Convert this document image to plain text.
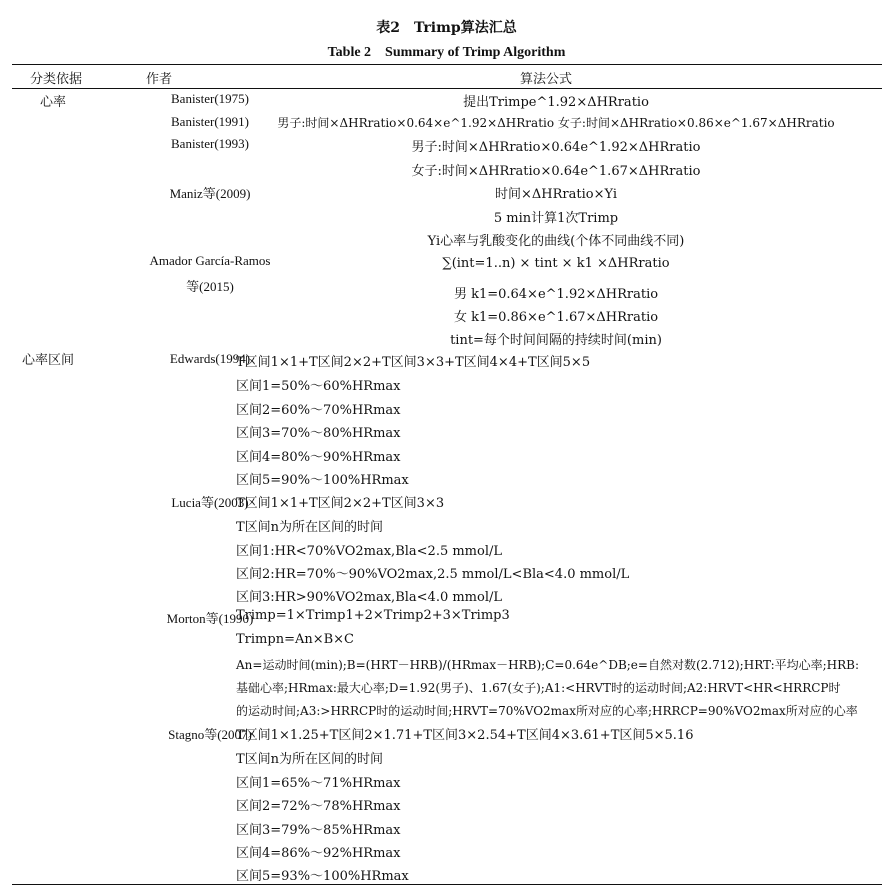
表2　Trimp算法汇总
Table 2　Summary of Trimp Algorithm
分类依据	作者	算法公式
心率
心率区间
Banister(1975)
Banister(1991)
Banister(1993)
Maniz等(2009)
Amador García-Ramos
等(2015)
Edwards(1994)
Lucia等(2003)
Morton等(1990)
Stagno等(2007)
提出Trimpe^1.92×ΔHRratio
男子:时间×ΔHRratio×0.64×e^1.92×ΔHRratio 女子:时间×ΔHRratio×0.86×e^1.67×ΔHRratio
男子:时间×ΔHRratio×0.64e^1.92×ΔHRratio
女子:时间×ΔHRratio×0.64e^1.67×ΔHRratio
时间×ΔHRratio×Yi
5 min计算1次Trimp
Yi心率与乳酸变化的曲线(个体不同曲线不同)
∑(int=1..n) × tint × k1 ×ΔHRratio
男 k1=0.64×e^1.92×ΔHRratio
女 k1=0.86×e^1.67×ΔHRratio
tint=每个时间间隔的持续时间(min)
T区间1×1+T区间2×2+T区间3×3+T区间4×4+T区间5×5
区间1=50%～60%HRmax
区间2=60%～70%HRmax
区间3=70%～80%HRmax
区间4=80%～90%HRmax
区间5=90%～100%HRmax
T区间1×1+T区间2×2+T区间3×3
T区间n为所在区间的时间
区间1:HR<70%VO2max,Bla<2.5 mmol/L
区间2:HR=70%～90%VO2max,2.5 mmol/L<Bla<4.0 mmol/L
区间3:HR>90%VO2max,Bla<4.0 mmol/L
Trimp=1×Trimp1+2×Trimp2+3×Trimp3
Trimpn=An×B×C
An=运动时间(min);B=(HRT－HRB)/(HRmax－HRB);C=0.64e^DB;e=自然对数(2.712);HRT:平均心率;HRB:
基础心率;HRmax:最大心率;D=1.92(男子)、1.67(女子);A1:<HRVT时的运动时间;A2:HRVT<HR<HRRCP时
的运动时间;A3:>HRRCP时的运动时间;HRVT=70%VO2max所对应的心率;HRRCP=90%VO2max所对应的心率
T区间1×1.25+T区间2×1.71+T区间3×2.54+T区间4×3.61+T区间5×5.16
T区间n为所在区间的时间
区间1=65%～71%HRmax
区间2=72%～78%HRmax
区间3=79%～85%HRmax
区间4=86%～92%HRmax
区间5=93%～100%HRmax
